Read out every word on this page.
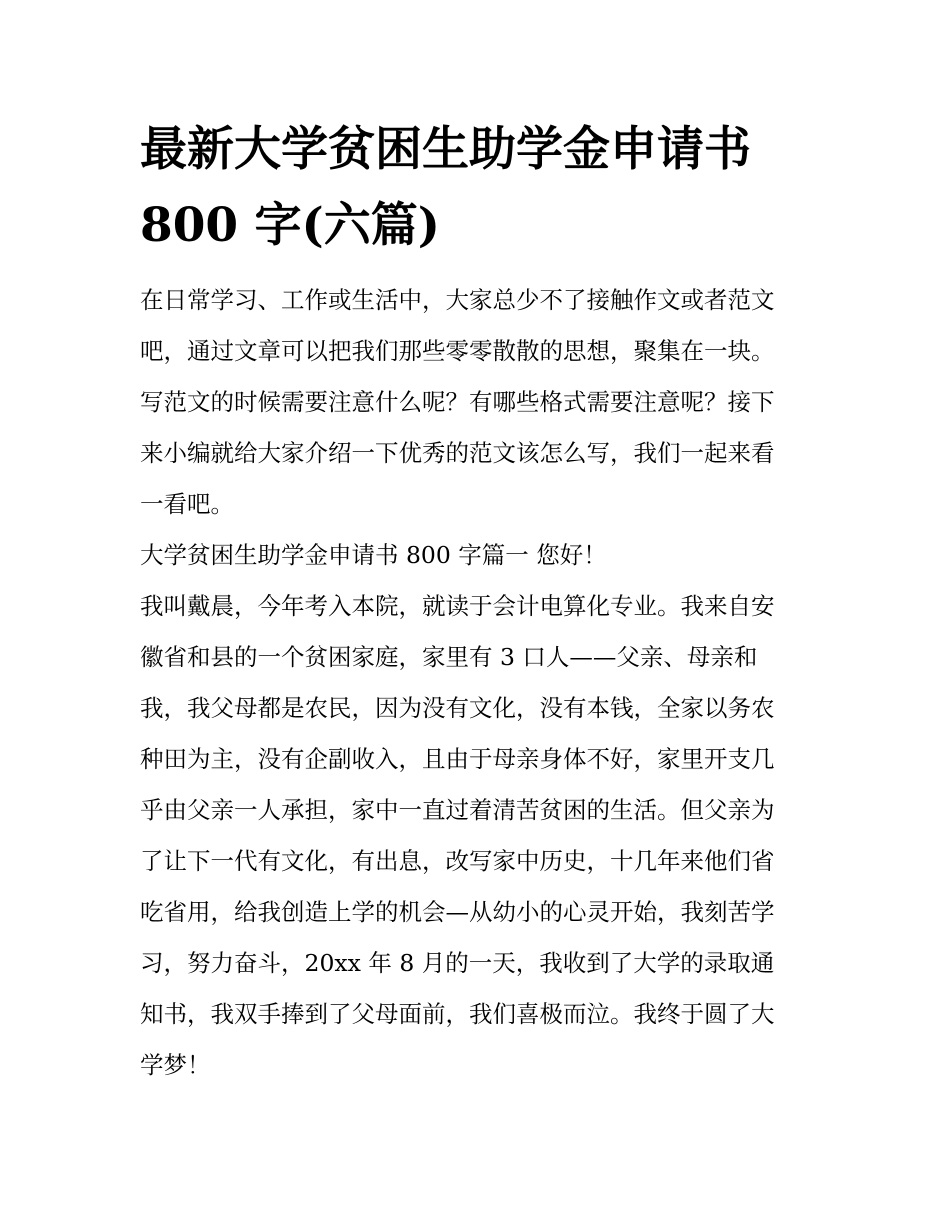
最新大学贫困生助学金申请书
800 字(六篇)
在日常学习、工作或生活中，大家总少不了接触作文或者范文
吧，通过文章可以把我们那些零零散散的思想，聚集在一块。
写范文的时候需要注意什么呢？有哪些格式需要注意呢？接下
来小编就给大家介绍一下优秀的范文该怎么写，我们一起来看
一看吧。
大学贫困生助学金申请书 800 字篇一 您好！
我叫戴晨，今年考入本院，就读于会计电算化专业。我来自安
徽省和县的一个贫困家庭，家里有 3 口人——父亲、母亲和
我，我父母都是农民，因为没有文化，没有本钱，全家以务农
种田为主，没有企副收入，且由于母亲身体不好，家里开支几
乎由父亲一人承担，家中一直过着清苦贫困的生活。但父亲为
了让下一代有文化，有出息，改写家中历史，十几年来他们省
吃省用，给我创造上学的机会—从幼小的心灵开始，我刻苦学
习，努力奋斗，20xx 年 8 月的一天，我收到了大学的录取通
知书，我双手捧到了父母面前，我们喜极而泣。我终于圆了大
学梦！
